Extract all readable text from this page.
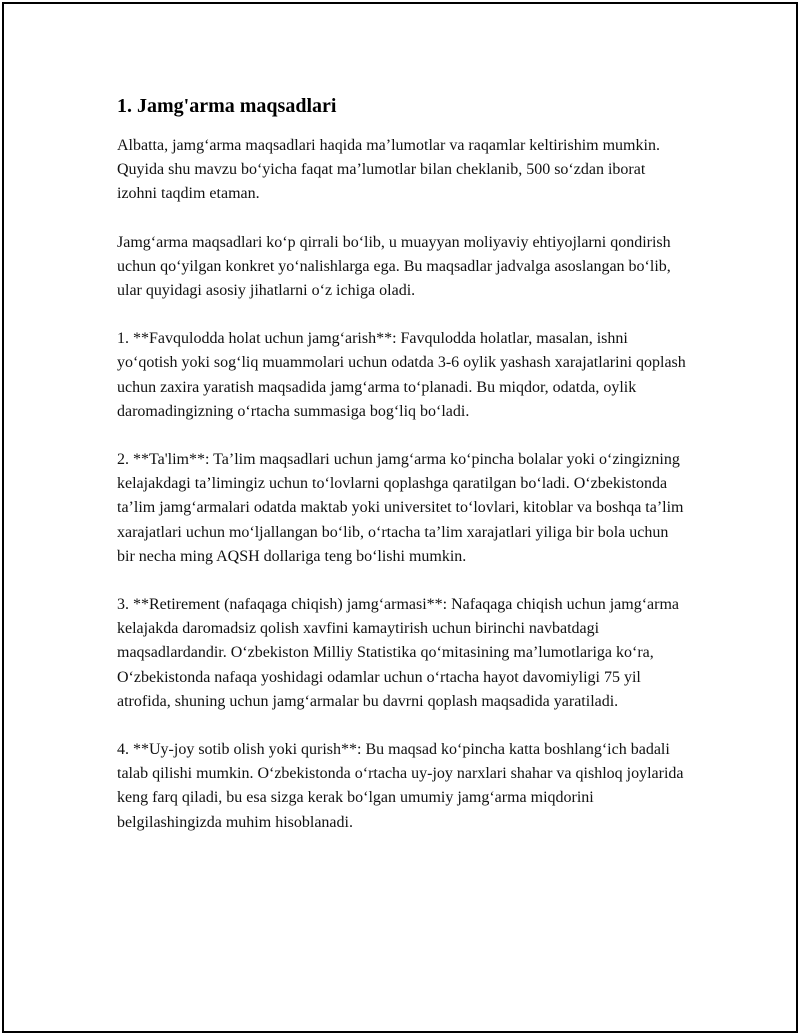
1. Jamg'arma maqsadlari

Albatta, jamg‘arma maqsadlari haqida ma’lumotlar va raqamlar keltirishim mumkin. Quyida shu mavzu bo‘yicha faqat ma’lumotlar bilan cheklanib, 500 so‘zdan iborat izohni taqdim etaman.

Jamg‘arma maqsadlari ko‘p qirrali bo‘lib, u muayyan moliyaviy ehtiyojlarni qondirish uchun qo‘yilgan konkret yo‘nalishlarga ega. Bu maqsadlar jadvalga asoslangan bo‘lib, ular quyidagi asosiy jihatlarni o‘z ichiga oladi.

1. **Favqulodda holat uchun jamg‘arish**: Favqulodda holatlar, masalan, ishni yo‘qotish yoki sog‘liq muammolari uchun odatda 3-6 oylik yashash xarajatlarini qoplash uchun zaxira yaratish maqsadida jamg‘arma to‘planadi. Bu miqdor, odatda, oylik daromadingizning o‘rtacha summasiga bog‘liq bo‘ladi.

2. **Ta'lim**: Ta’lim maqsadlari uchun jamg‘arma ko‘pincha bolalar yoki o‘zingizning kelajakdagi ta’limingiz uchun to‘lovlarni qoplashga qaratilgan bo‘ladi. O‘zbekistonda ta’lim jamg‘armalari odatda maktab yoki universitet to‘lovlari, kitoblar va boshqa ta’lim xarajatlari uchun mo‘ljallangan bo‘lib, o‘rtacha ta’lim xarajatlari yiliga bir bola uchun bir necha ming AQSH dollariga teng bo‘lishi mumkin.

3. **Retirement (nafaqaga chiqish) jamg‘armasi**: Nafaqaga chiqish uchun jamg‘arma kelajakda daromadsiz qolish xavfini kamaytirish uchun birinchi navbatdagi maqsadlardandir. O‘zbekiston Milliy Statistika qo‘mitasining ma’lumotlariga ko‘ra, O‘zbekistonda nafaqa yoshidagi odamlar uchun o‘rtacha hayot davomiyligi 75 yil atrofida, shuning uchun jamg‘armalar bu davrni qoplash maqsadida yaratiladi.

4. **Uy-joy sotib olish yoki qurish**: Bu maqsad ko‘pincha katta boshlang‘ich badali talab qilishi mumkin. O‘zbekistonda o‘rtacha uy-joy narxlari shahar va qishloq joylarida keng farq qiladi, bu esa sizga kerak bo‘lgan umumiy jamg‘arma miqdorini belgilashingizda muhim hisoblanadi.
